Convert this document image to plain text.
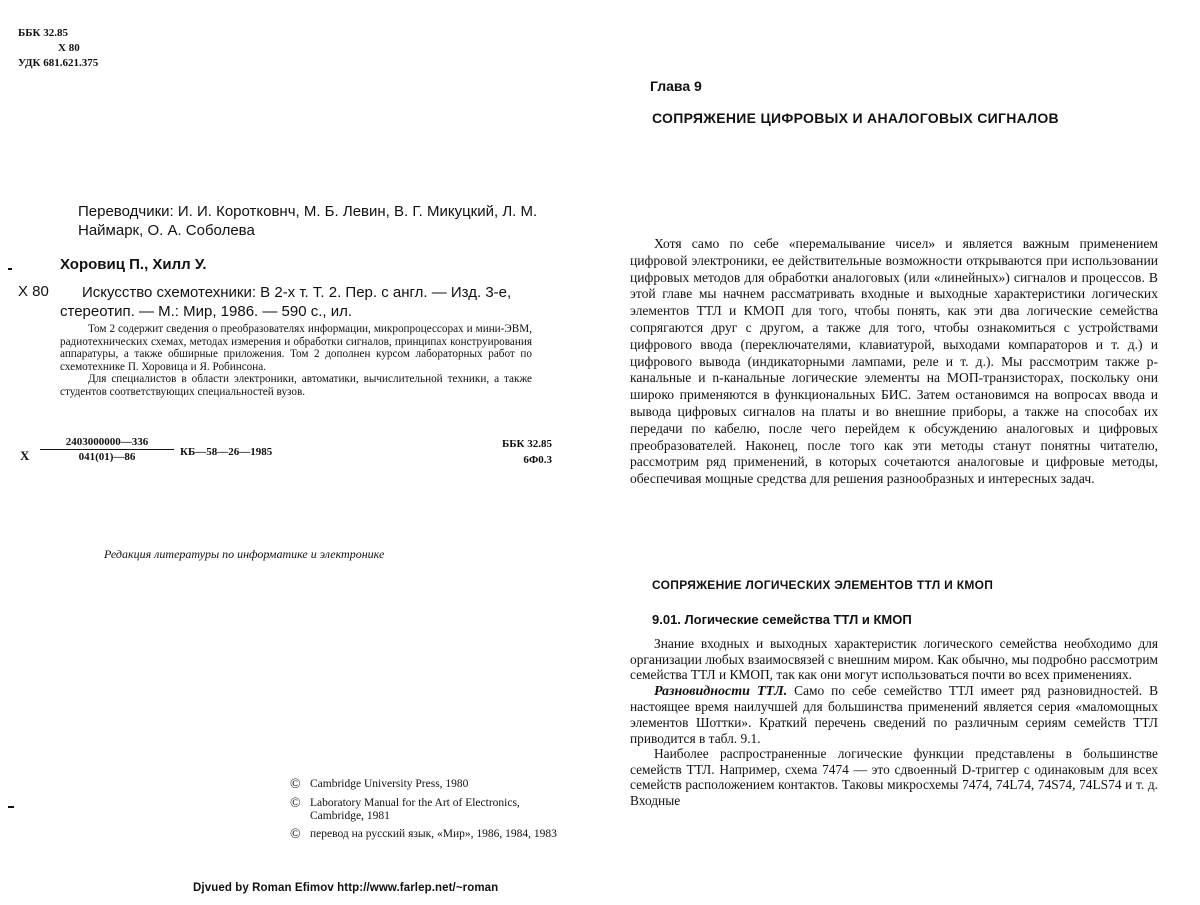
ББК 32.85

Х 80
УДК 681.621.375

Переводчики: И. И. Коротковнч, М. Б. Левин, В. Г. Микуцкий, Л. М. Наймарк, О. А. Соболева

Хоровиц П., Хилл У.
X 80	Искусство схемотехники: В 2-х т. Т. 2. Пер. с англ. — Изд. 3-е, стереотип. — М.: Мир, 1986. — 590 с., ил.

Том 2 содержит сведения о преобразователях информации, микропроцессорах и мини-ЭВМ, радиотехнических схемах, методах измерения и обработки сигналов, принципах конструирования аппаратуры, а также обширные приложения. Том 2 дополнен курсом лабораторных работ по схемотехнике П. Хоровица и Я. Робинсона.

Для специалистов в области электроники, автоматики, вычислительной техники, а также студентов соответствующих специальностей вузов.

X $\frac{2403000000—336}{041(01)—86}$ КБ—58—26—1985
ББК 32.85
6Ф0.3
Редакция литературы по информатике и электронике
© Cambridge University Press, 1980
© Laboratory Manual for the Art of Electronics, Cambridge, 1981
© перевод на русский язык, «Мир», 1986, 1984, 1983
Djvued by Roman Efimov http://www.farlep.net/~roman
Глава 9
СОПРЯЖЕНИЕ ЦИФРОВЫХ И АНАЛОГОВЫХ СИГНАЛОВ

Хотя само по себе «перемалывание чисел» и является важным применением цифровой электроники, ее действительные возможности открываются при использовании цифровых методов для обработки аналоговых (или «линейных») сигналов и процессов. В этой главе мы начнем рассматривать входные и выходные характеристики логических элементов ТТЛ и КМОП для того, чтобы понять, как эти два логические семейства сопрягаются друг с другом, а также для того, чтобы ознакомиться с устройствами цифрового ввода (переключателями, клавиатурой, выходами компараторов и т. д.) и цифрового вывода (индикаторными лампами, реле и т. д.). Мы рассмотрим также p-канальные и n-канальные логические элементы на МОП-транзисторах, поскольку они широко применяются в функциональных БИС. Затем остановимся на вопросах ввода и вывода цифровых сигналов на платы и во внешние приборы, а также на способах их передачи по кабелю, после чего перейдем к обсуждению аналоговых и цифровых преобразователей. Наконец, после того как эти методы станут понятны читателю, рассмотрим ряд применений, в которых сочетаются аналоговые и цифровые методы, обеспечивая мощные средства для решения разнообразных и интересных задач.

СОПРЯЖЕНИЕ ЛОГИЧЕСКИХ ЭЛЕМЕНТОВ ТТЛ И КМОП
9.01. Логические семейства ТТЛ и КМОП

Знание входных и выходных характеристик логического семейства необходимо для организации любых взаимосвязей с внешним миром. Как обычно, мы подробно рассмотрим семейства ТТЛ и КМОП, так как они могут использоваться почти во всех применениях.

Разновидности ТТЛ. Само по себе семейство ТТЛ имеет ряд разновидностей. В настоящее время наилучшей для большинства применений является серия «маломощных элементов Шоттки». Краткий перечень сведений по различным сериям семейств ТТЛ приводится в табл. 9.1.

Наиболее распространенные логические функции представлены в большинстве семейств ТТЛ. Например, схема 7474 — это сдвоенный D-триггер с одинаковым для всех семейств расположением контактов. Таковы микросхемы 7474, 74L74, 74S74, 74LS74 и т. д. Входные
